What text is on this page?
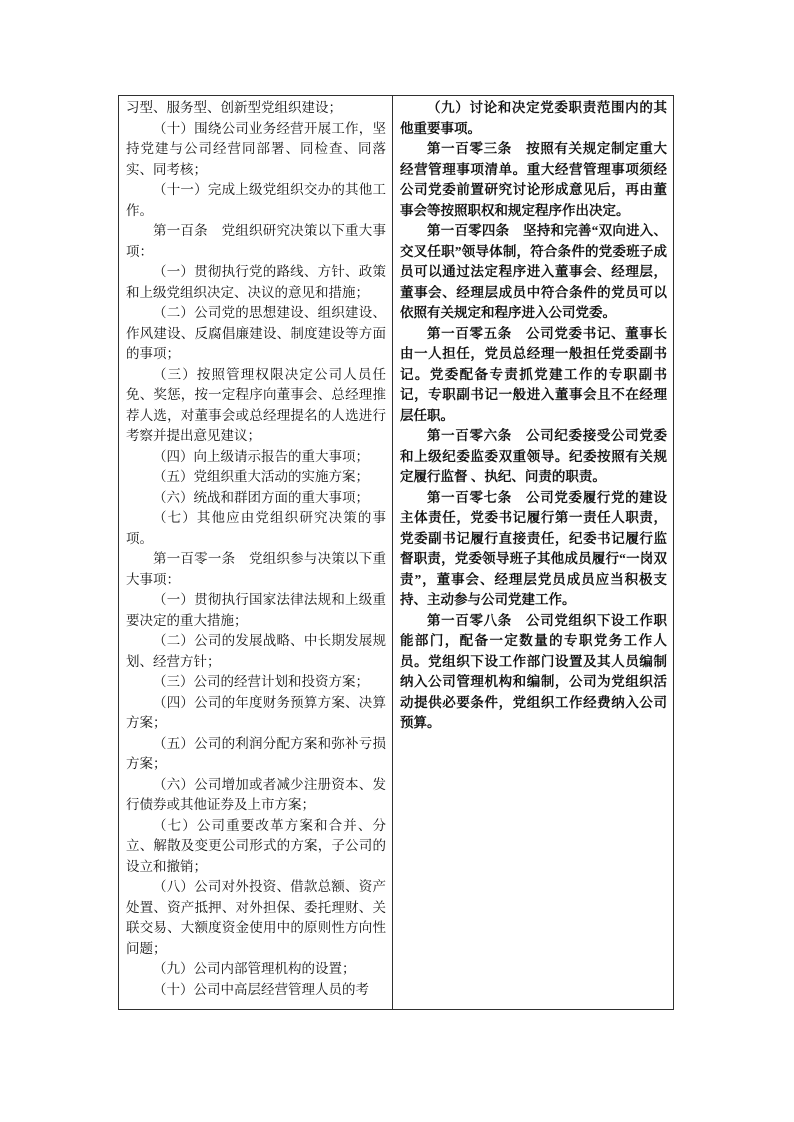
习型、服务型、创新型党组织建设；

（十）围绕公司业务经营开展工作，坚持党建与公司经营同部署、同检查、同落实、同考核；

（十一）完成上级党组织交办的其他工作。

第一百条　党组织研究决策以下重大事项：

（一）贯彻执行党的路线、方针、政策和上级党组织决定、决议的意见和措施；

（二）公司党的思想建设、组织建设、作风建设、反腐倡廉建设、制度建设等方面的事项；

（三）按照管理权限决定公司人员任免、奖惩，按一定程序向董事会、总经理推荐人选，对董事会或总经理提名的人选进行考察并提出意见建议；

（四）向上级请示报告的重大事项；

（五）党组织重大活动的实施方案；

（六）统战和群团方面的重大事项；

（七）其他应由党组织研究决策的事项。

第一百零一条　党组织参与决策以下重大事项：

（一）贯彻执行国家法律法规和上级重要决定的重大措施；

（二）公司的发展战略、中长期发展规划、经营方针；

（三）公司的经营计划和投资方案；

（四）公司的年度财务预算方案、决算方案；

（五）公司的利润分配方案和弥补亏损方案；

（六）公司增加或者减少注册资本、发行债券或其他证券及上市方案；

（七）公司重要改革方案和合并、分立、解散及变更公司形式的方案，子公司的设立和撤销；

（八）公司对外投资、借款总额、资产处置、资产抵押、对外担保、委托理财、关联交易、大额度资金使用中的原则性方向性问题；

（九）公司内部管理机构的设置；

（十）公司中高层经营管理人员的考

（九）讨论和决定党委职责范围内的其他重要事项。

第一百零三条　按照有关规定制定重大经营管理事项清单。重大经营管理事项须经公司党委前置研究讨论形成意见后，再由董事会等按照职权和规定程序作出决定。

第一百零四条　坚持和完善“双向进入、交叉任职”领导体制，符合条件的党委班子成员可以通过法定程序进入董事会、经理层，董事会、经理层成员中符合条件的党员可以依照有关规定和程序进入公司党委。

第一百零五条　公司党委书记、董事长由一人担任，党员总经理一般担任党委副书记。党委配备专责抓党建工作的专职副书记，专职副书记一般进入董事会且不在经理层任职。

第一百零六条　公司纪委接受公司党委和上级纪委监委双重领导。纪委按照有关规定履行监督 、执纪、问责的职责。

第一百零七条　公司党委履行党的建设主体责任，党委书记履行第一责任人职责，党委副书记履行直接责任，纪委书记履行监督职责，党委领导班子其他成员履行“一岗双责”，董事会、经理层党员成员应当积极支持、主动参与公司党建工作。

第一百零八条　公司党组织下设工作职能部门，配备一定数量的专职党务工作人员。党组织下设工作部门设置及其人员编制纳入公司管理机构和编制，公司为党组织活动提供必要条件，党组织工作经费纳入公司预算。
